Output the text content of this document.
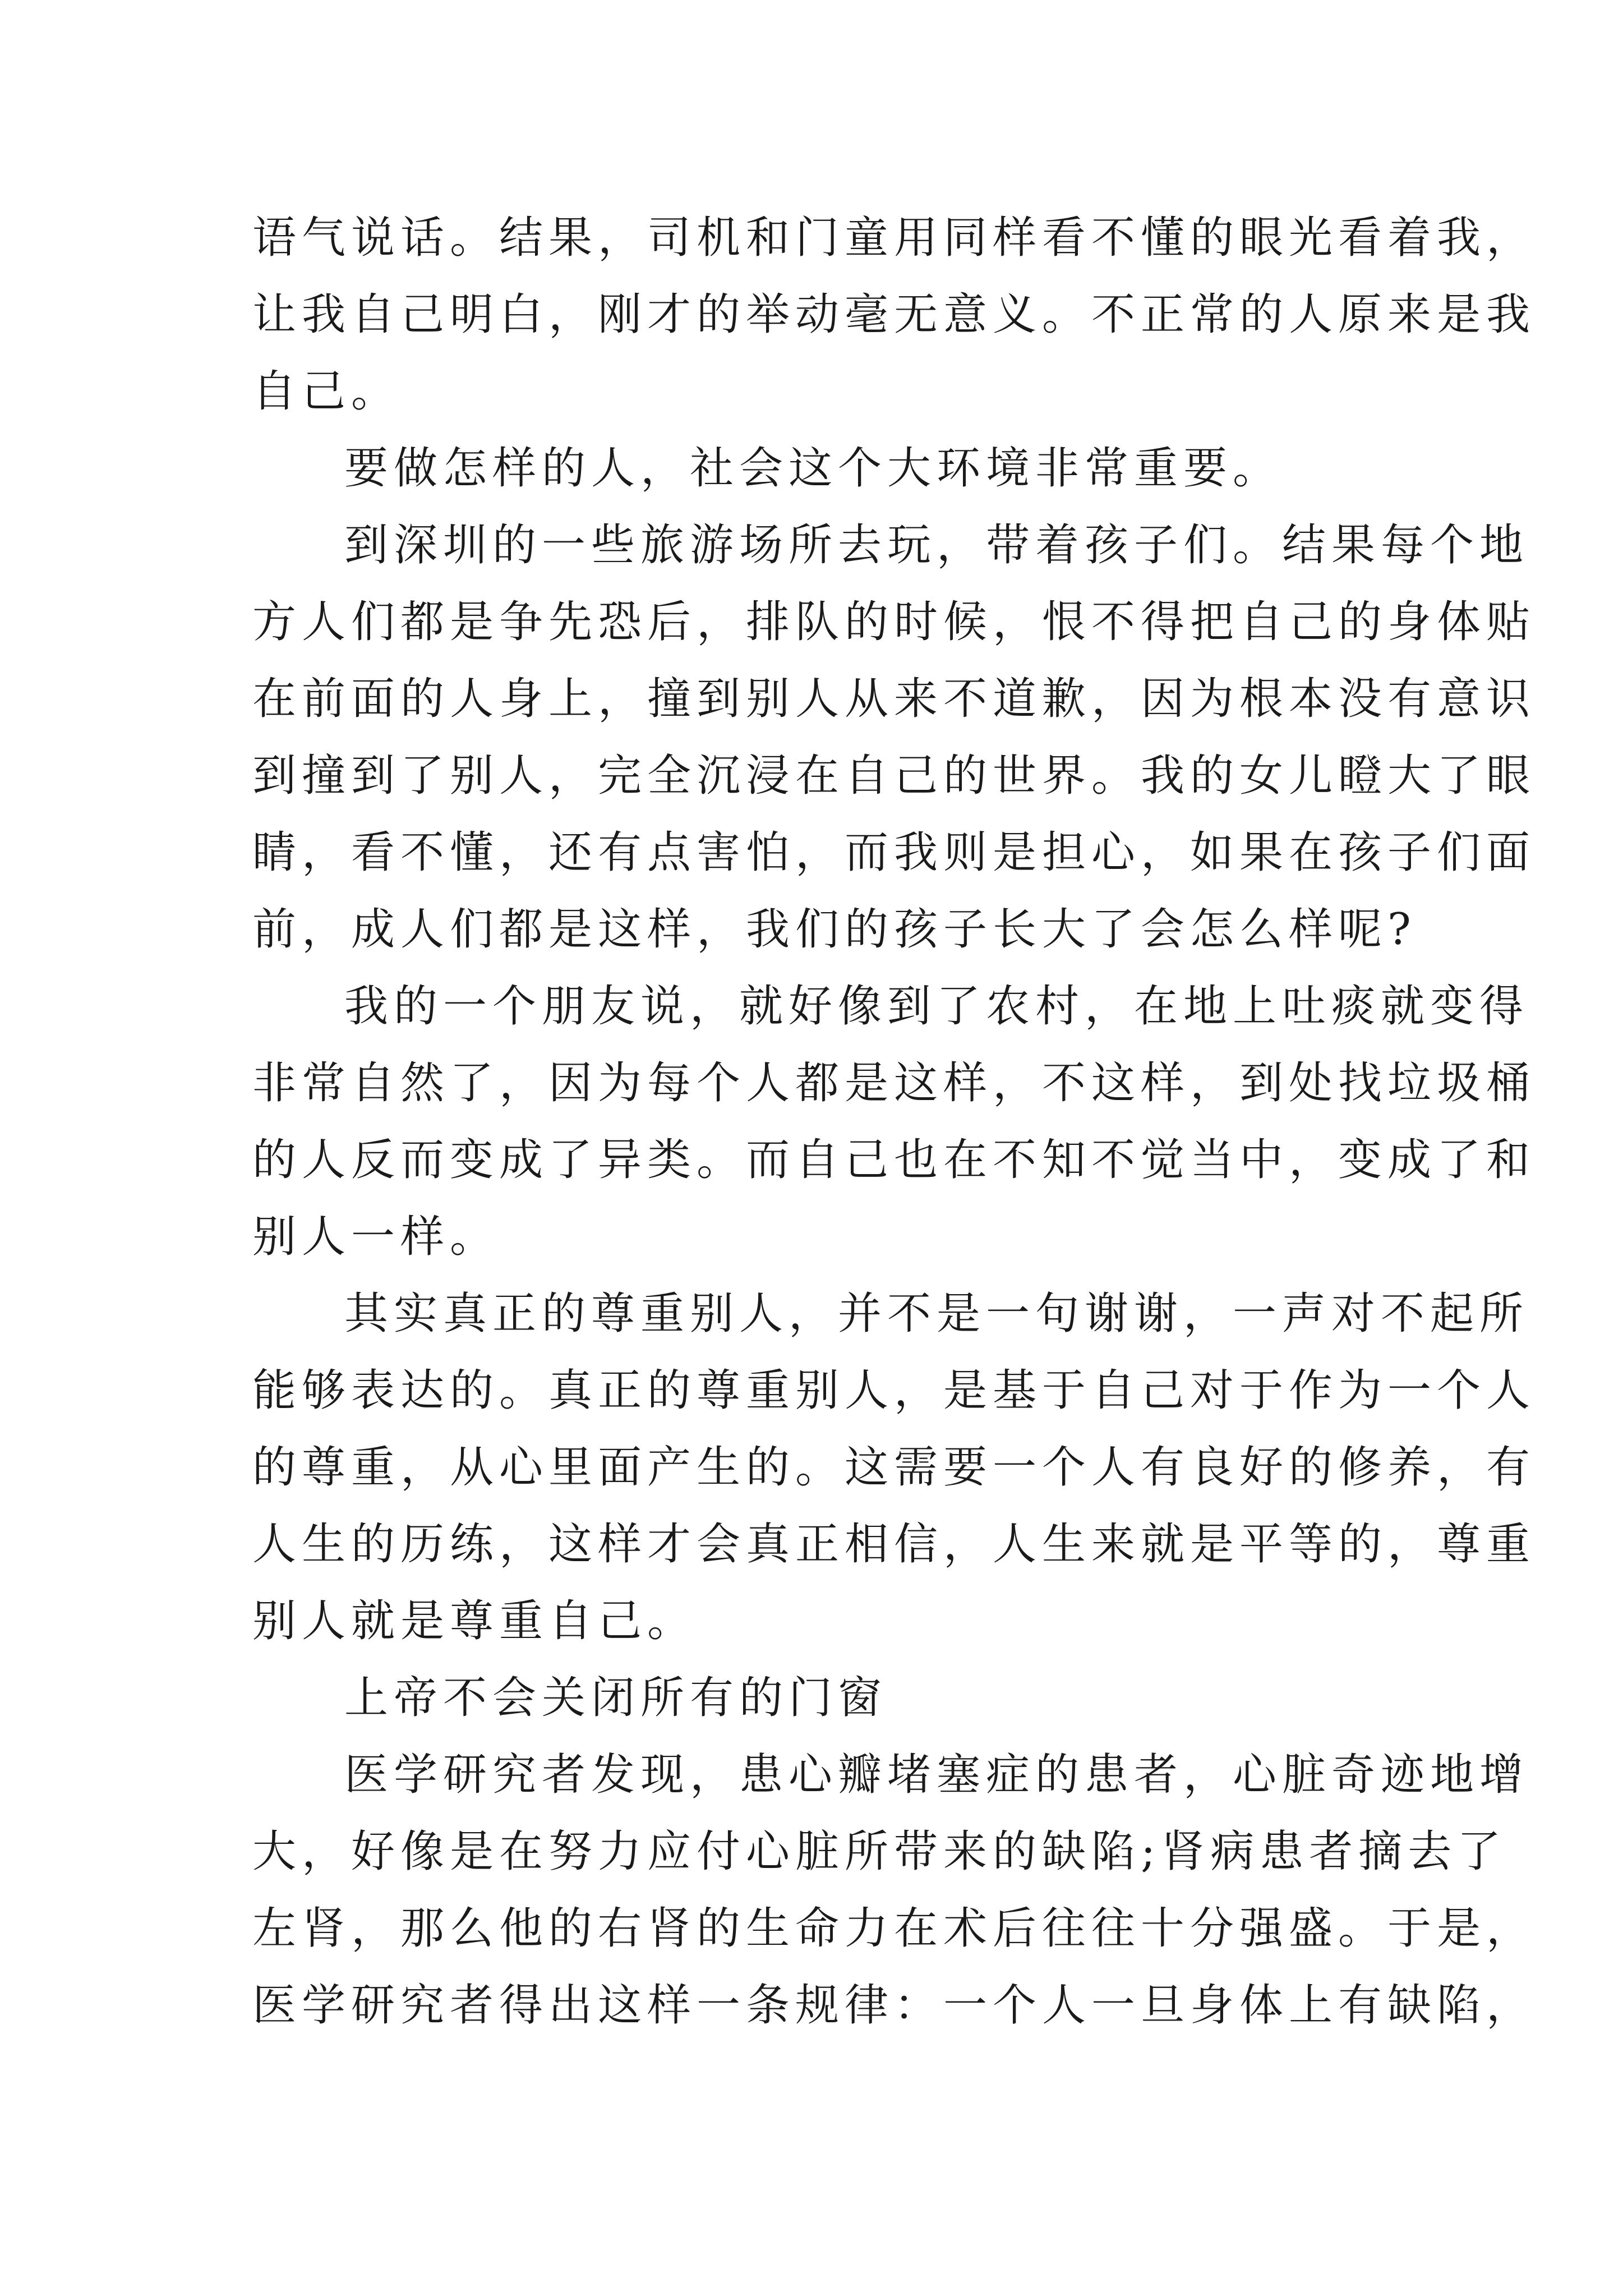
语气说话。结果，司机和门童用同样看不懂的眼光看着我，
让我自己明白，刚才的举动毫无意义。不正常的人原来是我
自己。
要做怎样的人，社会这个大环境非常重要。
到深圳的一些旅游场所去玩，带着孩子们。结果每个地
方人们都是争先恐后，排队的时候，恨不得把自己的身体贴
在前面的人身上，撞到别人从来不道歉，因为根本没有意识
到撞到了别人，完全沉浸在自己的世界。我的女儿瞪大了眼
睛，看不懂，还有点害怕，而我则是担心，如果在孩子们面
前，成人们都是这样，我们的孩子长大了会怎么样呢?
我的一个朋友说，就好像到了农村，在地上吐痰就变得
非常自然了，因为每个人都是这样，不这样，到处找垃圾桶
的人反而变成了异类。而自己也在不知不觉当中，变成了和
别人一样。
其实真正的尊重别人，并不是一句谢谢，一声对不起所
能够表达的。真正的尊重别人，是基于自己对于作为一个人
的尊重，从心里面产生的。这需要一个人有良好的修养，有
人生的历练，这样才会真正相信，人生来就是平等的，尊重
别人就是尊重自己。
上帝不会关闭所有的门窗
医学研究者发现，患心瓣堵塞症的患者，心脏奇迹地增
大，好像是在努力应付心脏所带来的缺陷;肾病患者摘去了
左肾，那么他的右肾的生命力在术后往往十分强盛。于是，
医学研究者得出这样一条规律：一个人一旦身体上有缺陷，
